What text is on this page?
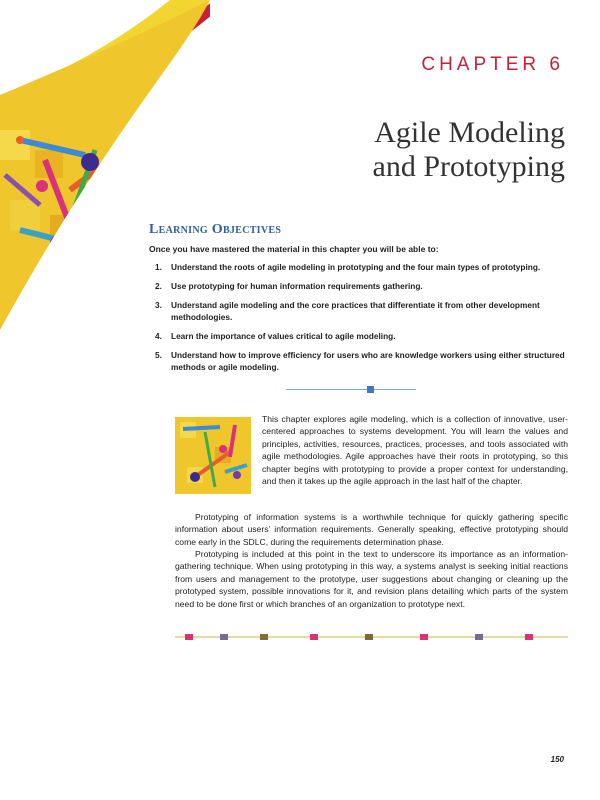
CHAPTER 6
Agile Modeling
and Prototyping
Learning Objectives
Once you have mastered the material in this chapter you will be able to:
1. Understand the roots of agile modeling in prototyping and the four main types of prototyping.
2. Use prototyping for human information requirements gathering.
3. Understand agile modeling and the core practices that differentiate it from other development methodologies.
4. Learn the importance of values critical to agile modeling.
5. Understand how to improve efficiency for users who are knowledge workers using either structured methods or agile modeling.

This chapter explores agile modeling, which is a collection of innovative, user-centered approaches to systems development. You will learn the values and principles, activities, resources, practices, processes, and tools associated with agile methodologies. Agile approaches have their roots in prototyping, so this chapter begins with prototyping to provide a proper context for understanding, and then it takes up the agile approach in the last half of the chapter.

Prototyping of information systems is a worthwhile technique for quickly gathering specific information about users’ information requirements. Generally speaking, effective prototyping should come early in the SDLC, during the requirements determination phase.

Prototyping is included at this point in the text to underscore its importance as an information-gathering technique. When using prototyping in this way, a systems analyst is seeking initial reactions from users and management to the prototype, user suggestions about changing or cleaning up the prototyped system, possible innovations for it, and revision plans detailing which parts of the system need to be done first or which branches of an organization to prototype next.

150
